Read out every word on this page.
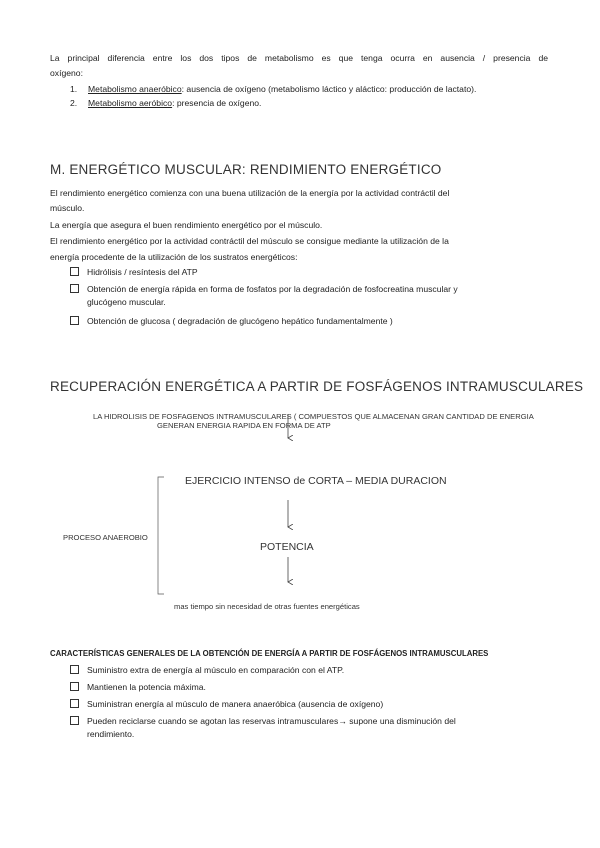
La principal diferencia entre los dos tipos de metabolismo es que tenga ocurra en ausencia / presencia de
oxígeno:
1. Metabolismo anaeróbico: ausencia de oxígeno (metabolismo láctico y aláctico: producción de lactato).
2. Metabolismo aeróbico: presencia de oxígeno.
M. ENERGÉTICO MUSCULAR: RENDIMIENTO ENERGÉTICO
El rendimiento energético comienza con una buena utilización de la energía por la actividad contráctil del
músculo.
La energía que asegura el buen rendimiento energético por el músculo.
El rendimiento energético por la actividad contráctil del músculo se consigue mediante la utilización de la
energía procedente de la utilización de los sustratos energéticos:
Hidrólisis / resíntesis del ATP
Obtención de energía rápida en forma de fosfatos por la degradación de fosfocreatina muscular y
glucógeno muscular.
Obtención de glucosa ( degradación de glucógeno hepático fundamentalmente )
RECUPERACIÓN ENERGÉTICA A PARTIR DE FOSFÁGENOS INTRAMUSCULARES
LA HIDROLISIS DE FOSFAGENOS INTRAMUSCULARES ( COMPUESTOS QUE ALMACENAN GRAN CANTIDAD DE ENERGIA
GENERAN ENERGIA RAPIDA EN FORMA DE ATP
EJERCICIO INTENSO de CORTA – MEDIA DURACION
POTENCIA
PROCESO ANAEROBIO
mas tiempo sin necesidad de otras fuentes energéticas
CARACTERÍSTICAS GENERALES DE LA OBTENCIÓN DE ENERGÍA A PARTIR DE FOSFÁGENOS INTRAMUSCULARES
Suministro extra de energía al músculo en comparación con el ATP.
Mantienen la potencia máxima.
Suministran energía al músculo de manera anaeróbica (ausencia de oxígeno)
Pueden reciclarse cuando se agotan las reservas intramusculares→ supone una disminución del
rendimiento.
